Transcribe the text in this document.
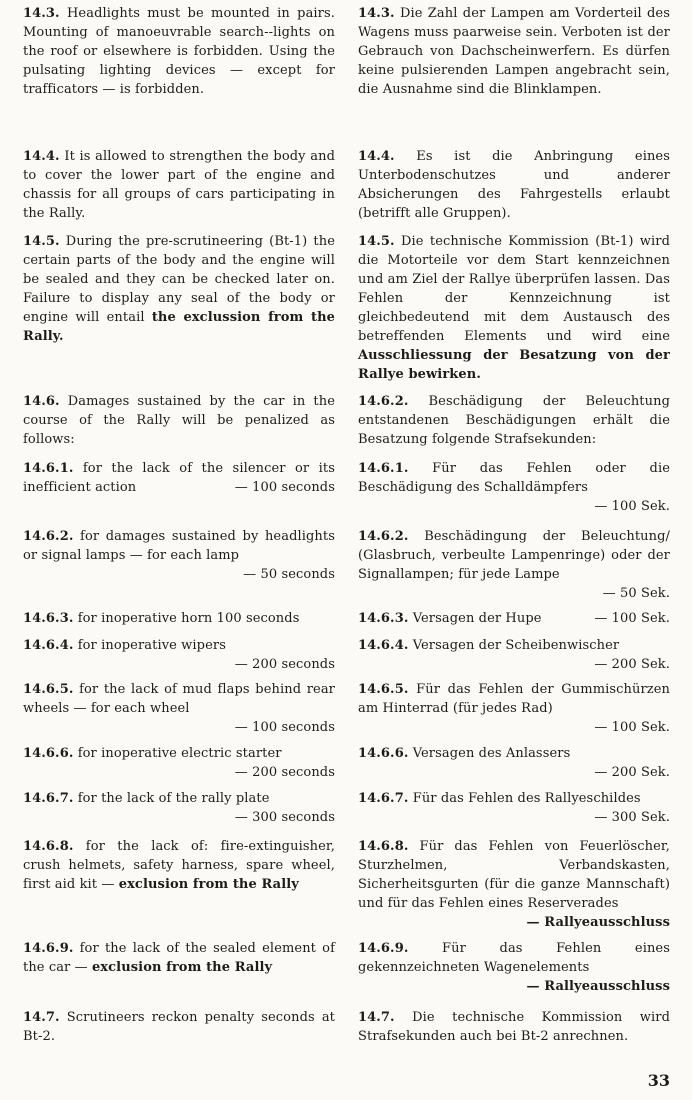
14.3. Headlights must be mounted in pairs. Mounting of manoeuvrable search--lights on the roof or elsewhere is forbidden. Using the pulsating lighting devices — except for trafficators — is forbidden.

14.4. It is allowed to strengthen the body and to cover the lower part of the engine and chassis for all groups of cars participating in the Rally.

14.5. During the pre-scrutineering (Bt-1) the certain parts of the body and the engine will be sealed and they can be checked later on. Failure to display any seal of the body or engine will entail the exclussion from the Rally.

14.6. Damages sustained by the car in the course of the Rally will be penalized as follows:

14.6.1. for the lack of the silencer or its inefficient action	— 100 seconds

14.6.2. for damages sustained by headlights or signal lamps — for each lamp
— 50 seconds

14.6.3. for inoperative horn 100 seconds

14.6.4. for inoperative wipers
— 200 seconds

14.6.5. for the lack of mud flaps behind rear wheels — for each wheel
— 100 seconds

14.6.6. for inoperative electric starter
— 200 seconds

14.6.7. for the lack of the rally plate
— 300 seconds

14.6.8. for the lack of: fire-extinguisher, crush helmets, safety harness, spare wheel, first aid kit — exclusion from the Rally

14.6.9. for the lack of the sealed element of the car — exclusion from the Rally

14.7. Scrutineers reckon penalty seconds at Bt-2.

14.3. Die Zahl der Lampen am Vorderteil des Wagens muss paarweise sein. Verboten ist der Gebrauch von Dachscheinwerfern. Es dürfen keine pulsierenden Lampen angebracht sein, die Ausnahme sind die Blinklampen.

14.4. Es ist die Anbringung eines Unterbodenschutzes und anderer Absicherungen des Fahrgestells erlaubt (betrifft alle Gruppen).

14.5. Die technische Kommission (Bt-1) wird die Motorteile vor dem Start kennzeichnen und am Ziel der Rallye überprüfen lassen. Das Fehlen der Kennzeichnung ist gleichbedeutend mit dem Austausch des betreffenden Elements und wird eine Ausschliessung der Besatzung von der Rallye bewirken.

14.6.2. Beschädigung der Beleuchtung entstandenen Beschädigungen erhält die Besatzung folgende Strafsekunden:

14.6.1. Für das Fehlen oder die Beschädigung des Schalldämpfers
— 100 Sek.

14.6.2. Beschädingung der Beleuchtung/ (Glasbruch, verbeulte Lampenringe) oder der Signallampen; für jede Lampe
— 50 Sek.

14.6.3. Versagen der Hupe	— 100 Sek.

14.6.4. Versagen der Scheibenwischer
— 200 Sek.

14.6.5. Für das Fehlen der Gummischürzen am Hinterrad (für jedes Rad)
— 100 Sek.

14.6.6. Versagen des Anlassers
— 200 Sek.

14.6.7. Für das Fehlen des Rallyeschildes
— 300 Sek.

14.6.8. Für das Fehlen von Feuerlöscher, Sturzhelmen, Verbandskasten, Sicherheitsgurten (für die ganze Mannschaft) und für das Fehlen eines Reserverades
— Rallyeausschluss

14.6.9.	Für das Fehlen eines gekennzeichneten Wagenelements
— Rallyeausschluss

14.7. Die technische Kommission wird Strafsekunden auch bei Bt-2 anrechnen.

33
